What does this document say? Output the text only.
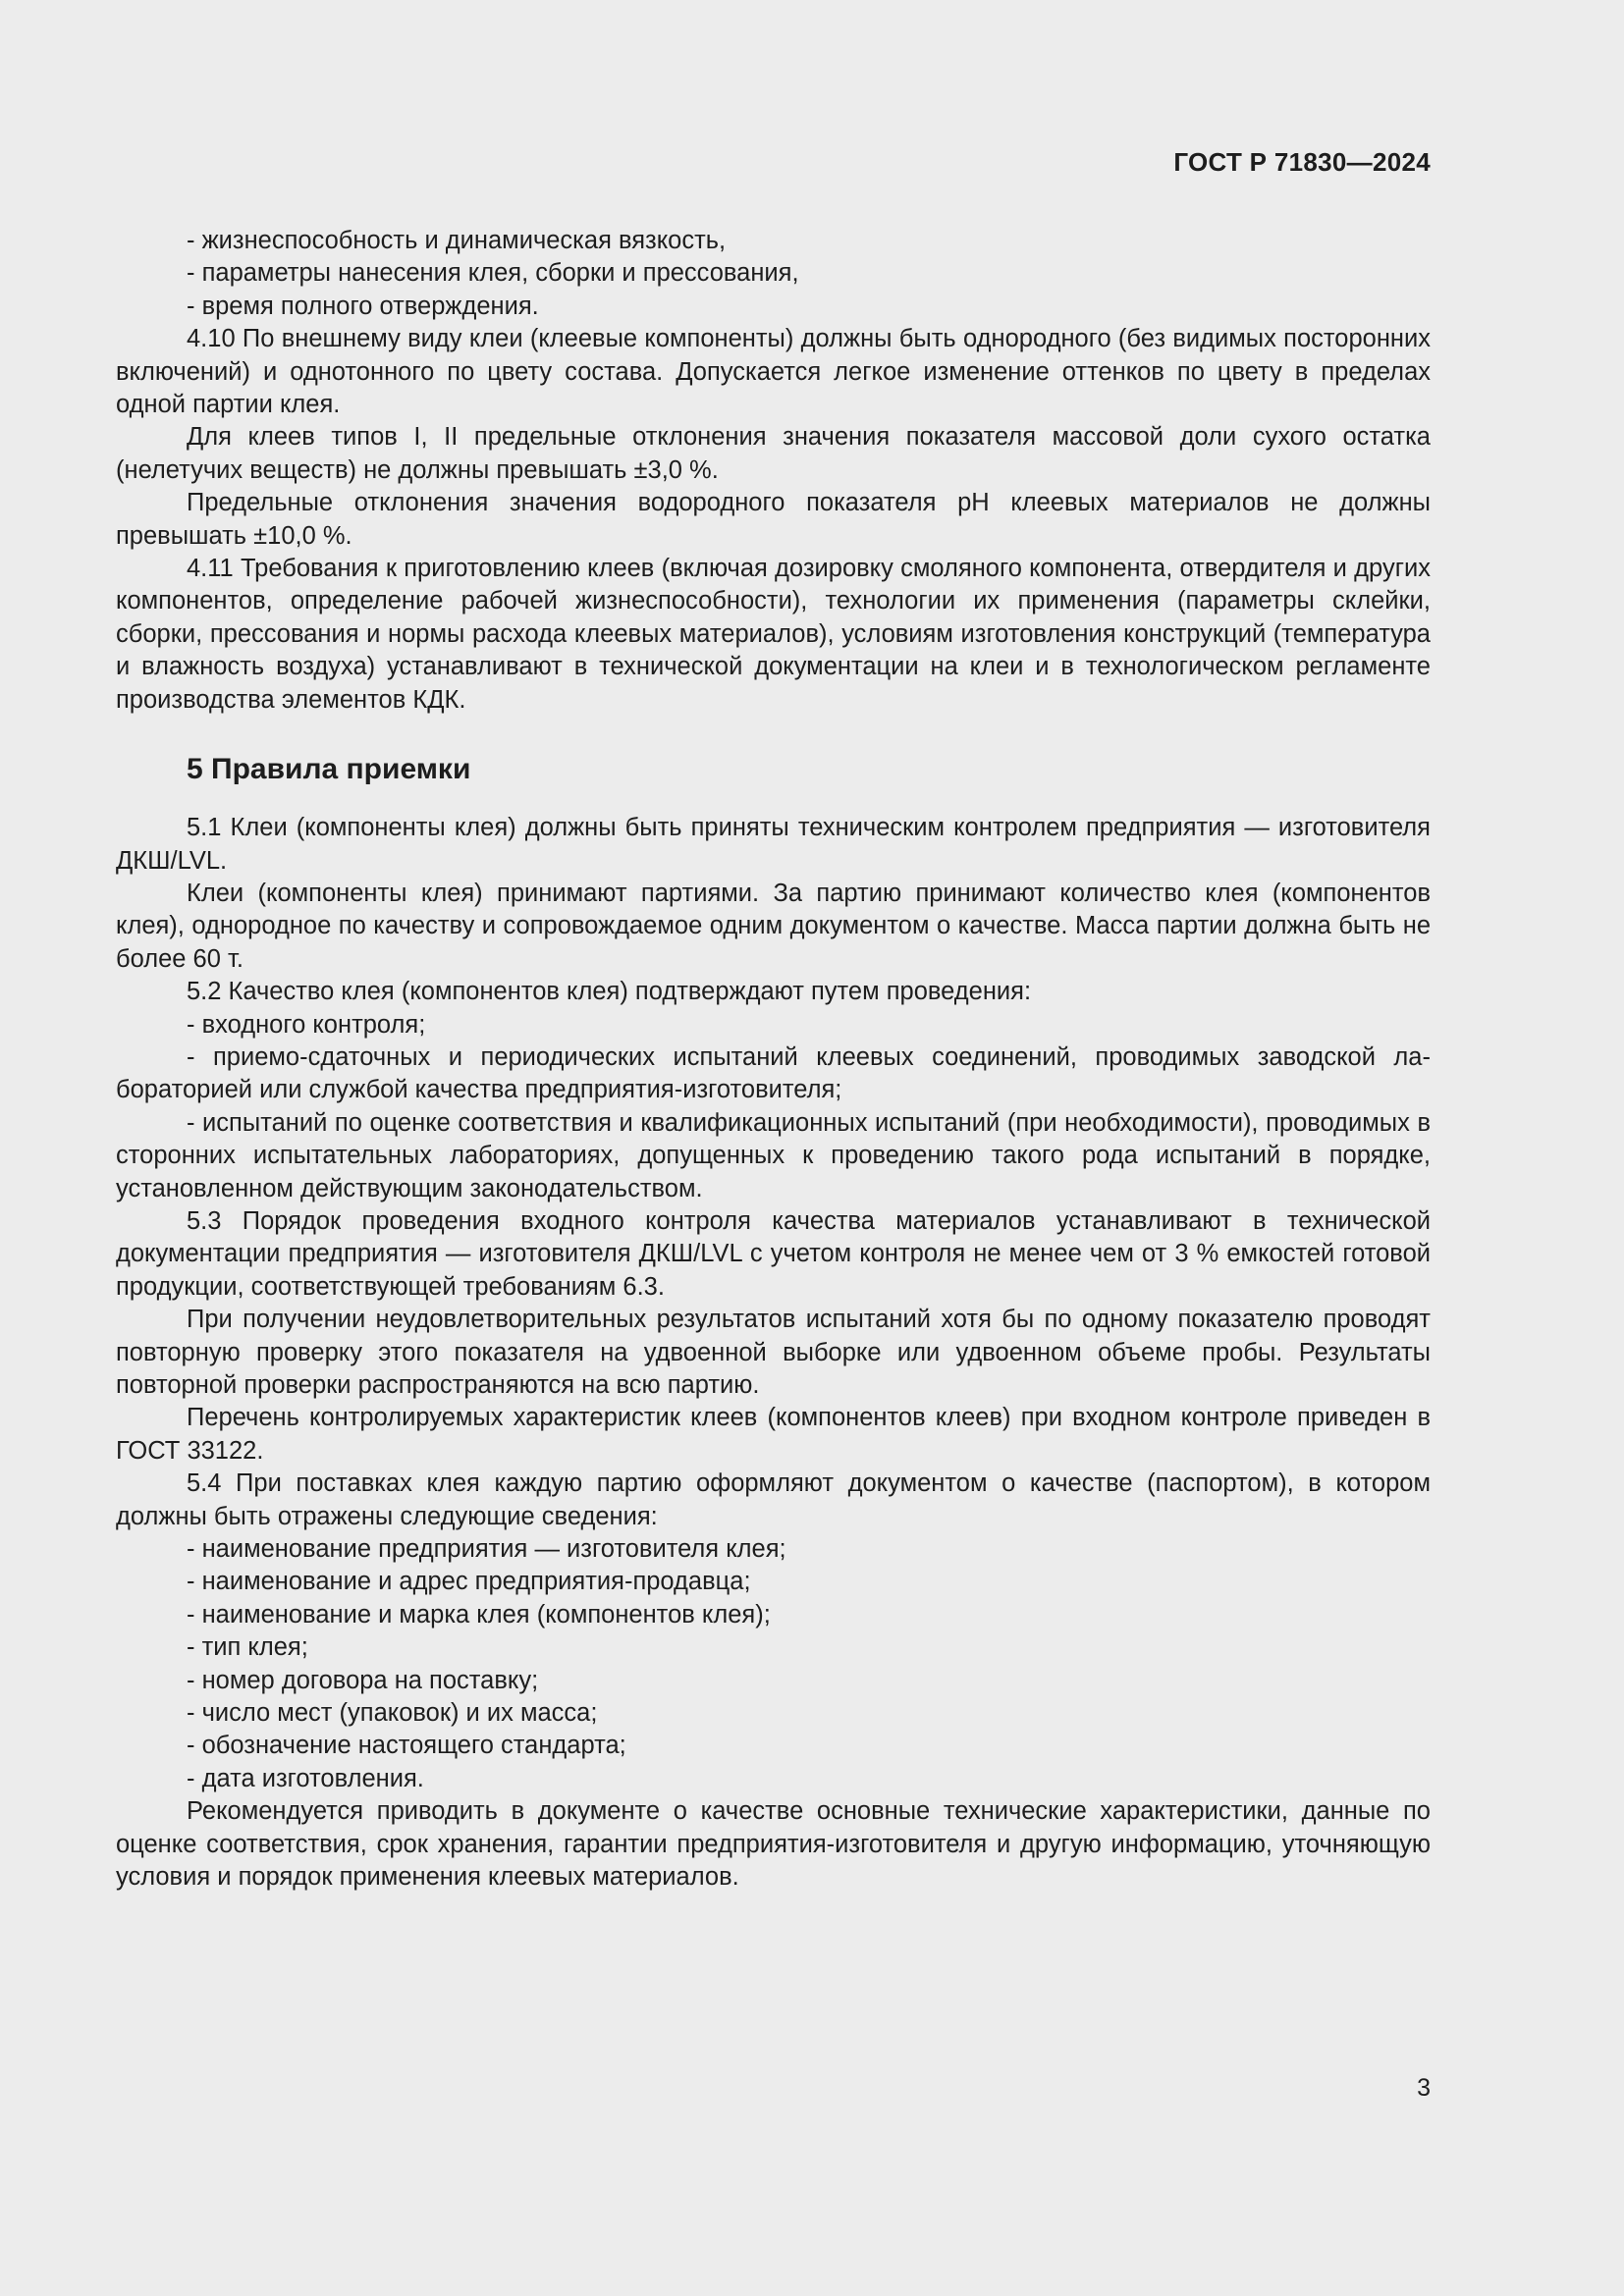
ГОСТ Р 71830—2024

- жизнеспособность и динамическая вязкость,

- параметры нанесения клея, сборки и прессования,

- время полного отверждения.

4.10 По внешнему виду клеи (клеевые компоненты) должны быть однородного (без видимых посторонних включений) и однотонного по цвету состава. Допускается легкое изменение оттенков по цвету в пределах одной партии клея.

Для клеев типов I, II предельные отклонения значения показателя массовой доли сухого остатка (нелетучих веществ) не должны превышать ±3,0 %.

Предельные отклонения значения водородного показателя pH клеевых материалов не должны превышать ±10,0 %.

4.11 Требования к приготовлению клеев (включая дозировку смоляного компонента, отвердителя и других компонентов, определение рабочей жизнеспособности), технологии их применения (параметры склейки, сборки, прессования и нормы расхода клеевых материалов), условиям изготовления конструкций (температура и влажность воздуха) устанавливают в технической документации на клеи и в технологическом регламенте производства элементов КДК.

5 Правила приемки

5.1 Клеи (компоненты клея) должны быть приняты техническим контролем предприятия — изготовителя ДКШ/LVL.

Клеи (компоненты клея) принимают партиями. За партию принимают количество клея (компонентов клея), однородное по качеству и сопровождаемое одним документом о качестве. Масса партии должна быть не более 60 т.

5.2 Качество клея (компонентов клея) подтверждают путем проведения:

- входного контроля;

- приемо-сдаточных и периодических испытаний клеевых соединений, проводимых заводской лабораторией или службой качества предприятия-изготовителя;

- испытаний по оценке соответствия и квалификационных испытаний (при необходимости), проводимых в сторонних испытательных лабораториях, допущенных к проведению такого рода испытаний в порядке, установленном действующим законодательством.

5.3 Порядок проведения входного контроля качества материалов устанавливают в технической документации предприятия — изготовителя ДКШ/LVL с учетом контроля не менее чем от 3 % емкостей готовой продукции, соответствующей требованиям 6.3.

При получении неудовлетворительных результатов испытаний хотя бы по одному показателю проводят повторную проверку этого показателя на удвоенной выборке или удвоенном объеме пробы. Результаты повторной проверки распространяются на всю партию.

Перечень контролируемых характеристик клеев (компонентов клеев) при входном контроле приведен в ГОСТ 33122.

5.4 При поставках клея каждую партию оформляют документом о качестве (паспортом), в котором должны быть отражены следующие сведения:

- наименование предприятия — изготовителя клея;

- наименование и адрес предприятия-продавца;

- наименование и марка клея (компонентов клея);

- тип клея;

- номер договора на поставку;

- число мест (упаковок) и их масса;

- обозначение настоящего стандарта;

- дата изготовления.

Рекомендуется приводить в документе о качестве основные технические характеристики, данные по оценке соответствия, срок хранения, гарантии предприятия-изготовителя и другую информацию, уточняющую условия и порядок применения клеевых материалов.

3
